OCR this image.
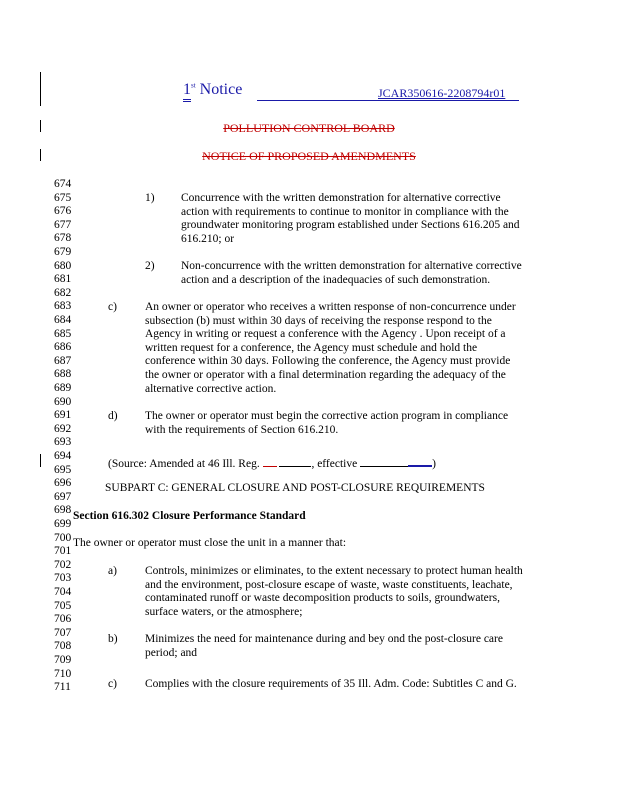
1st Notice	JCAR350616-2208794r01
POLLUTION CONTROL BOARD
NOTICE OF PROPOSED AMENDMENTS
674
675
676
677
678
679
680
681
682
683
684
685
686
687
688
689
690
691
692
693
694
695
696
697
698
699
700
701
702
703
704
705
706
707
708
709
710
711
1) Concurrence with the written demonstration for alternative corrective
action with requirements to continue to monitor in compliance with the
groundwater monitoring program established under Sections 616.205 and
616.210; or
2) Non-concurrence with the written demonstration for alternative corrective
action and a description of the inadequacies of such demonstration.
c) An owner or operator who receives a written response of non-concurrence under
subsection (b) must within 30 days of receiving the response respond to the
Agency in writing or request a conference with the Agency . Upon receipt of a
written request for a conference, the Agency must schedule and hold the
conference within 30 days. Following the conference, the Agency must provide
the owner or operator with a final determination regarding the adequacy of the
alternative corrective action.
d) The owner or operator must begin the corrective action program in compliance
with the requirements of Section 616.210.
(Source: Amended at 46 Ill. Reg.	, effective	)
SUBPART C: GENERAL CLOSURE AND POST-CLOSURE REQUIREMENTS
Section 616.302 Closure Performance Standard
The owner or operator must close the unit in a manner that:
a) Controls, minimizes or eliminates, to the extent necessary to protect human health
and the environment, post-closure escape of waste, waste constituents, leachate,
contaminated runoff or waste decomposition products to soils, groundwaters,
surface waters, or the atmosphere;
b) Minimizes the need for maintenance during and bey ond the post-closure care
period; and
c) Complies with the closure requirements of 35 Ill. Adm. Code: Subtitles C and G.
